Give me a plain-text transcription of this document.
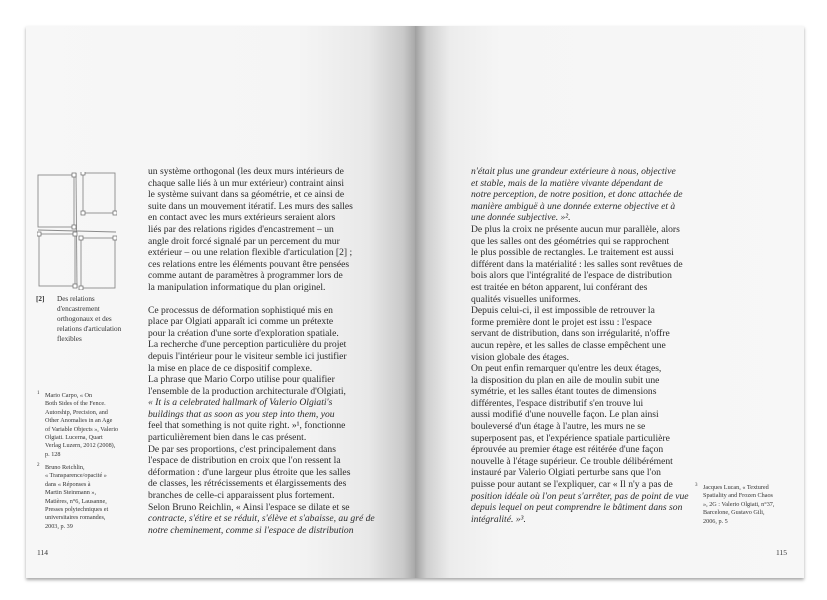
[2] Des relations
d'encastrement
orthogonaux et des
relations d'articulation
flexibles
1 Mario Carpo, « On
Both Sides of the Fence.
Autorship, Precision, and
Other Anomalies in an Age
of Variable Objects », Valerio
Olgiati. Lucerna, Quart
Verlag Luzern, 2012 (2008),
p. 128
2 Bruno Reichlin,
« Transparence/opacité »
dans « Réponses à
Martin Steinmann »,
Matières, n°6, Lausanne,
Presses polytechniques et
universitaires romandes,
2003, p. 39
un système orthogonal (les deux murs intérieurs de
chaque salle liés à un mur extérieur) contraint ainsi
le système suivant dans sa géométrie, et ce ainsi de
suite dans un mouvement itératif. Les murs des salles
en contact avec les murs extérieurs seraient alors
liés par des relations rigides d'encastrement – un
angle droit forcé signalé par un percement du mur
extérieur – ou une relation flexible d'articulation [2] ;
ces relations entre les éléments pouvant être pensées
comme autant de paramètres à programmer lors de
la manipulation informatique du plan originel.
Ce processus de déformation sophistiqué mis en
place par Olgiati apparaît ici comme un prétexte
pour la création d'une sorte d'exploration spatiale.
La recherche d'une perception particulière du projet
depuis l'intérieur pour le visiteur semble ici justifier
la mise en place de ce dispositif complexe.
La phrase que Mario Corpo utilise pour qualifier
l'ensemble de la production architecturale d'Olgiati,
« It is a celebrated hallmark of Valerio Olgiati's
buildings that as soon as you step into them, you
feel that something is not quite right. »¹, fonctionne
particulièrement bien dans le cas présent.
De par ses proportions, c'est principalement dans
l'espace de distribution en croix que l'on ressent la
déformation : d'une largeur plus étroite que les salles
de classes, les rétrécissements et élargissements des
branches de celle-ci apparaissent plus fortement.
Selon Bruno Reichlin, « Ainsi l'espace se dilate et se
contracte, s'étire et se réduit, s'élève et s'abaisse, au gré de
notre cheminement, comme si l'espace de distribution
114
n'était plus une grandeur extérieure à nous, objective
et stable, mais de la matière vivante dépendant de
notre perception, de notre position, et donc attachée de
manière ambiguë à une donnée externe objective et à
une donnée subjective. »².
De plus la croix ne présente aucun mur parallèle, alors
que les salles ont des géométries qui se rapprochent
le plus possible de rectangles. Le traitement est aussi
différent dans la matérialité : les salles sont revêtues de
bois alors que l'intégralité de l'espace de distribution
est traitée en béton apparent, lui conférant des
qualités visuelles uniformes.
Depuis celui-ci, il est impossible de retrouver la
forme première dont le projet est issu : l'espace
servant de distribution, dans son irrégularité, n'offre
aucun repère, et les salles de classe empêchent une
vision globale des étages.
On peut enfin remarquer qu'entre les deux étages,
la disposition du plan en aile de moulin subit une
symétrie, et les salles étant toutes de dimensions
différentes, l'espace distributif s'en trouve lui
aussi modifié d'une nouvelle façon. Le plan ainsi
bouleversé d'un étage à l'autre, les murs ne se
superposent pas, et l'expérience spatiale particulière
éprouvée au premier étage est réitérée d'une façon
nouvelle à l'étage supérieur. Ce trouble délibérément
instauré par Valerio Olgiati perturbe sans que l'on
puisse pour autant se l'expliquer, car « Il n'y a pas de
position idéale où l'on peut s'arrêter, pas de point de vue
depuis lequel on peut comprendre le bâtiment dans son
intégralité. »³.
3 Jacques Lucan, « Textured
Spatiality and Frozen Chaos
», 2G : Valerio Olgiati, n°37,
Barcelone, Gustavo Gili,
2006, p. 5
115
